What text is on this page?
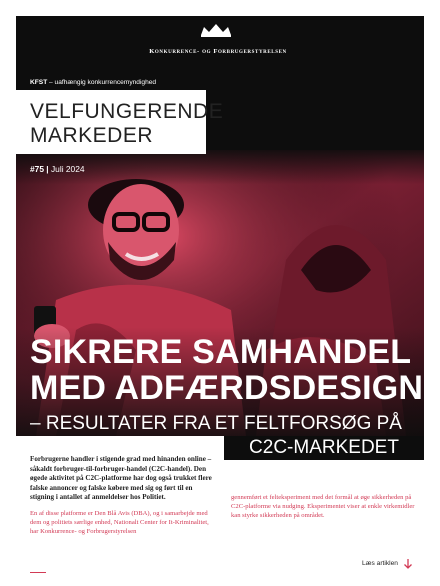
Konkurrence- og Forbrugerstyrelsen
KFST – uafhængig konkurrencemyndighed
VELFUNGERENDE
MARKEDER
#75 | Juli 2024
SIKRERE SAMHANDEL
MED ADFÆRDSDESIGN
– RESULTATER FRA ET FELTFORSØG PÅ
C2C-MARKEDET

Forbrugerne handler i stigende grad med hinanden online – såkaldt forbruger-til-forbruger-handel (C2C-handel). Den øgede aktivitet på C2C-platforme har dog også trukket flere falske annoncer og falske købere med sig og ført til en stigning i antallet af anmeldelser hos Politiet.

En af disse platforme er Den Blå Avis (DBA), og i samarbejde med dem og politiets særlige enhed, Nationalt Center for It-Kriminalitet, har Konkurrence- og Forbrugerstyrelsen

gennemført et felteksperiment med det formål at øge sikkerheden på C2C-platforme via nudging. Eksperimentet viser at enkle virkemidler kan styrke sikkerheden på området.

Læs artiklen
